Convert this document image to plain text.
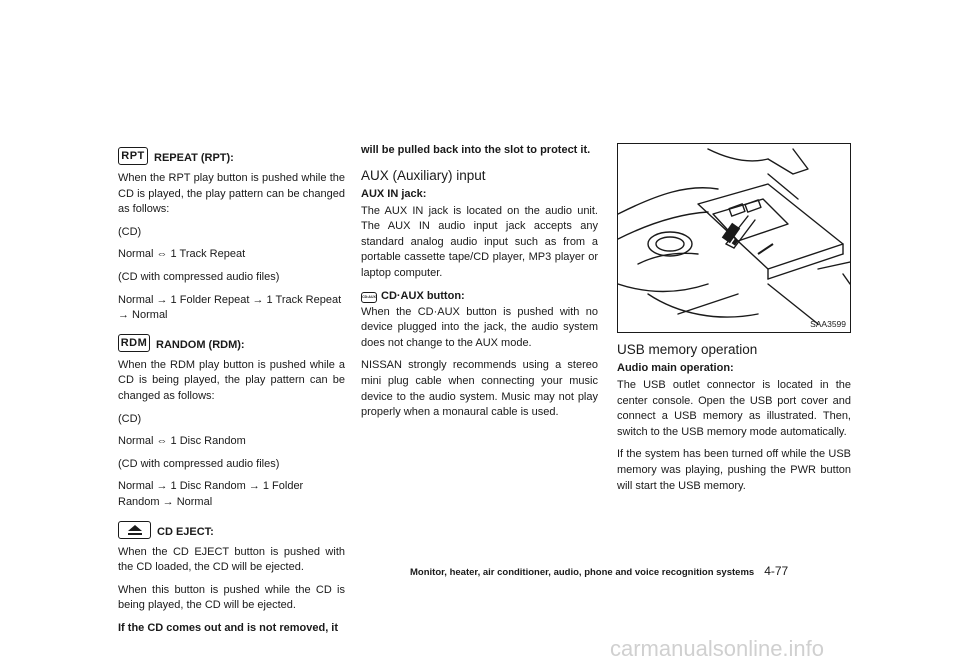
RPT REPEAT (RPT):

When the RPT play button is pushed while the CD is played, the play pattern can be changed as follows:

(CD)

Normal ⇔ 1 Track Repeat

(CD with compressed audio files)

Normal → 1 Folder Repeat → 1 Track Repeat → Normal

RDM RANDOM (RDM):

When the RDM play button is pushed while a CD is being played, the play pattern can be changed as follows:

(CD)

Normal ⇔ 1 Disc Random

(CD with compressed audio files)

Normal → 1 Disc Random → 1 Folder Random → Normal

CD EJECT:

When the CD EJECT button is pushed with the CD loaded, the CD will be ejected.

When this button is pushed while the CD is being played, the CD will be ejected.

If the CD comes out and is not removed, it

will be pulled back into the slot to protect it.

AUX (Auxiliary) input
AUX IN jack:

The AUX IN jack is located on the audio unit. The AUX IN audio input jack accepts any standard analog audio input such as from a portable cassette tape/CD player, MP3 player or laptop computer.

CD•AUX CD·AUX button:

When the CD·AUX button is pushed with no device plugged into the jack, the audio system does not change to the AUX mode.

NISSAN strongly recommends using a stereo mini plug cable when connecting your music device to the audio system. Music may not play properly when a monaural cable is used.

SAA3599
USB memory operation
Audio main operation:

The USB outlet connector is located in the center console. Open the USB port cover and connect a USB memory as illustrated. Then, switch to the USB memory mode automatically.

If the system has been turned off while the USB memory was playing, pushing the PWR button will start the USB memory.

Monitor, heater, air conditioner, audio, phone and voice recognition systems 4-77
carmanualsonline.info
